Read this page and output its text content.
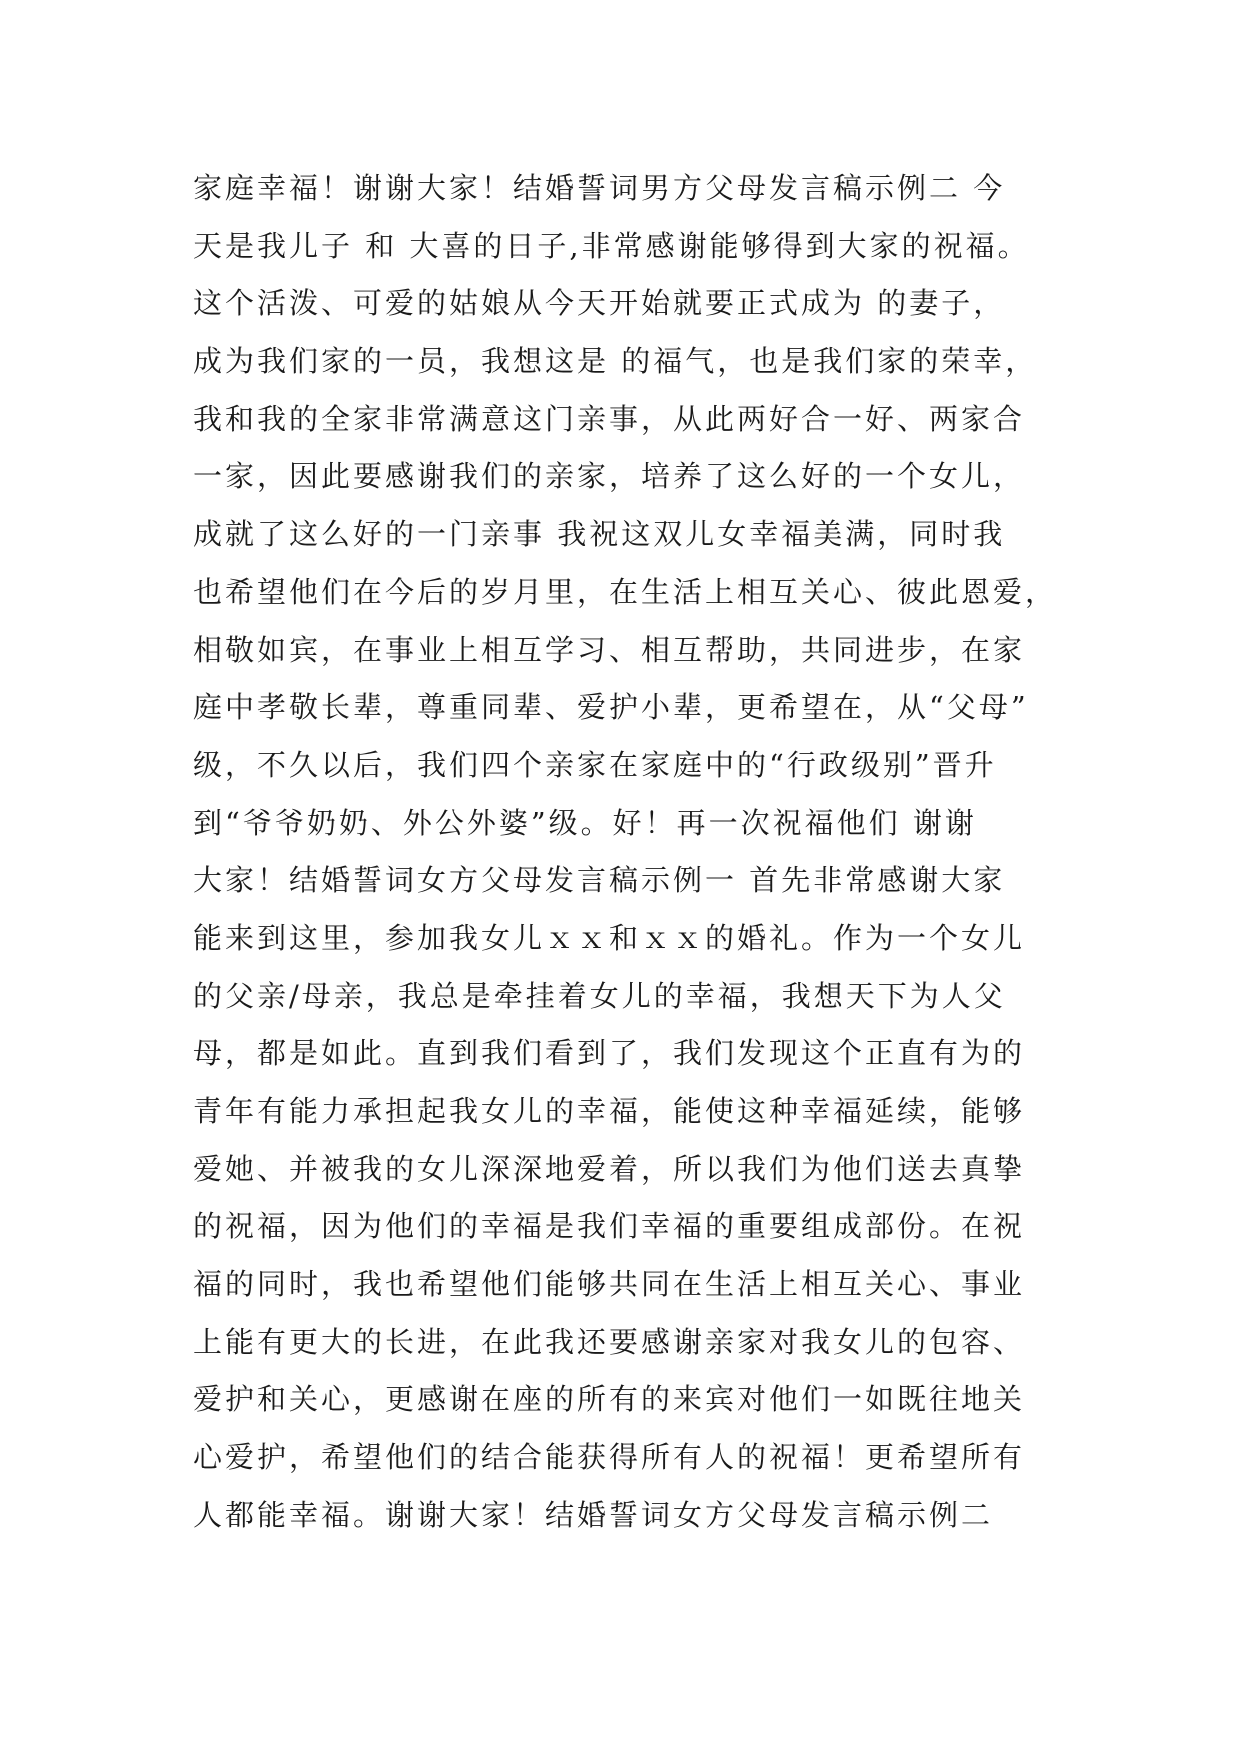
家庭幸福！谢谢大家！结婚誓词男方父母发言稿示例二 今
天是我儿子 和 大喜的日子,非常感谢能够得到大家的祝福。
这个活泼、可爱的姑娘从今天开始就要正式成为 的妻子，
成为我们家的一员，我想这是 的福气，也是我们家的荣幸，
我和我的全家非常满意这门亲事，从此两好合一好、两家合
一家，因此要感谢我们的亲家，培养了这么好的一个女儿，
成就了这么好的一门亲事 我祝这双儿女幸福美满，同时我
也希望他们在今后的岁月里，在生活上相互关心、彼此恩爱，
相敬如宾，在事业上相互学习、相互帮助，共同进步，在家
庭中孝敬长辈，尊重同辈、爱护小辈，更希望在，从“父母”
级，不久以后，我们四个亲家在家庭中的“行政级别”晋升
到“爷爷奶奶、外公外婆”级。好！再一次祝福他们 谢谢
大家！结婚誓词女方父母发言稿示例一 首先非常感谢大家
能来到这里，参加我女儿ｘｘ和ｘｘ的婚礼。作为一个女儿
的父亲/母亲，我总是牵挂着女儿的幸福，我想天下为人父
母，都是如此。直到我们看到了，我们发现这个正直有为的
青年有能力承担起我女儿的幸福，能使这种幸福延续，能够
爱她、并被我的女儿深深地爱着，所以我们为他们送去真挚
的祝福，因为他们的幸福是我们幸福的重要组成部份。在祝
福的同时，我也希望他们能够共同在生活上相互关心、事业
上能有更大的长进，在此我还要感谢亲家对我女儿的包容、
爱护和关心，更感谢在座的所有的来宾对他们一如既往地关
心爱护，希望他们的结合能获得所有人的祝福！更希望所有
人都能幸福。谢谢大家！结婚誓词女方父母发言稿示例二
